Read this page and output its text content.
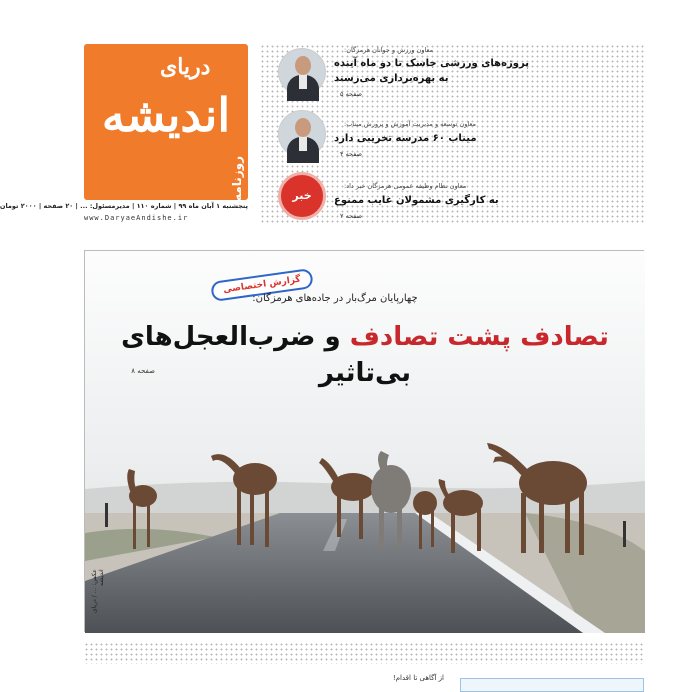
دریای
اندیشه
روزنامه
پنجشنبه ۱ آبان ماه ۹۹ | شماره ۱۱۰ | مدیرمسئول: ... | ۲۰ صفحه | ۲۰۰۰ تومان
www.DaryaeAndishe.ir
معاون ورزش و جوانان هرمزگان:
پروژه‌های ورزشی جاسک تا دو ماه آینده
به بهره‌برداری می‌رسند
صفحه ۵
معاون توسعه و مدیریت آموزش و پرورش میناب:
میناب ۶۰ مدرسه تخریبی دارد
صفحه ۴
خبر
معاون نظام وظیفه عمومی هرمزگان خبر داد:
به کارگیری مشمولان غایب ممنوع
صفحه ۲
گزارش اختصاصی
چهارپایان مرگ‌بار در جاده‌های هرمزگان:
تصادف پشت تصادف و ضرب‌العجل‌های بی‌تاثیر
صفحه ۸
عکس: ... / دریای اندیشه
از آگاهی تا اقدام!
